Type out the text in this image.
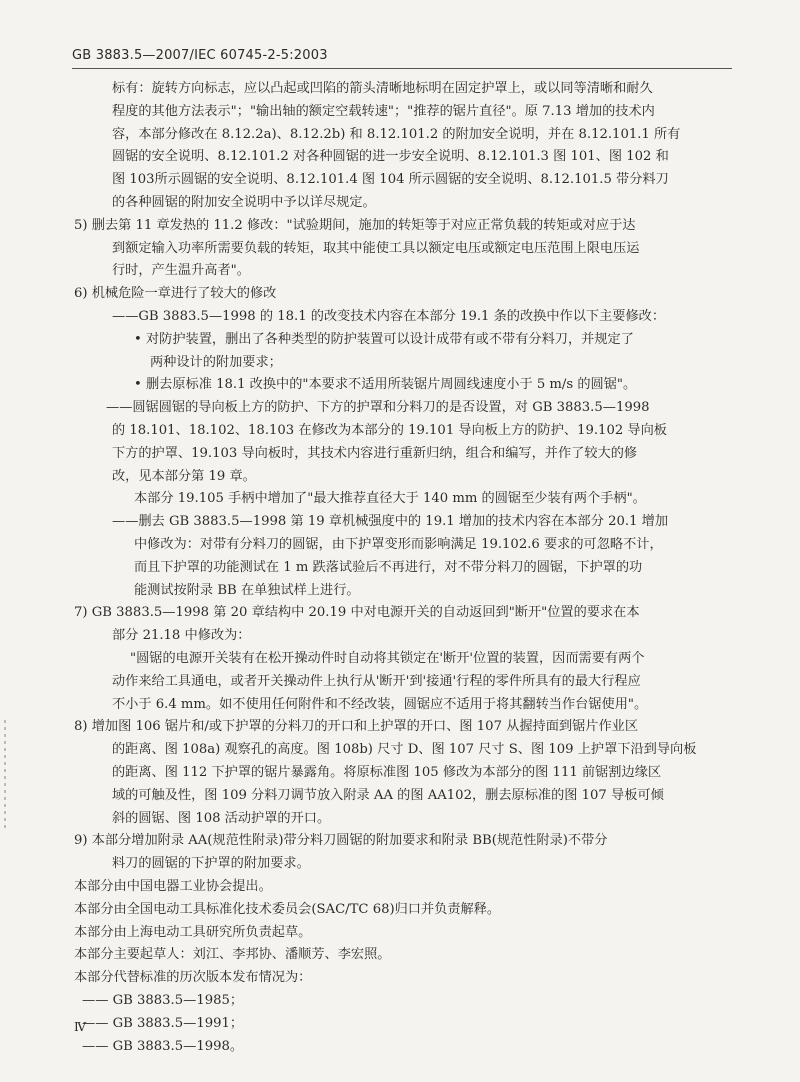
GB 3883.5—2007/IEC 60745-2-5:2003
标有：旋转方向标志，应以凸起或凹陷的箭头清晰地标明在固定护罩上，或以同等清晰和耐久
程度的其他方法表示"；"输出轴的额定空载转速"；"推荐的锯片直径"。原 7.13 增加的技术内
容，本部分修改在 8.12.2a)、8.12.2b) 和 8.12.101.2 的附加安全说明，并在 8.12.101.1 所有
圆锯的安全说明、8.12.101.2 对各种圆锯的进一步安全说明、8.12.101.3 图 101、图 102 和
图 103所示圆锯的安全说明、8.12.101.4 图 104 所示圆锯的安全说明、8.12.101.5 带分料刀
的各种圆锯的附加安全说明中予以详尽规定。
5) 删去第 11 章发热的 11.2 修改："试验期间，施加的转矩等于对应正常负载的转矩或对应于达
到额定输入功率所需要负载的转矩，取其中能使工具以额定电压或额定电压范围上限电压运
行时，产生温升高者"。
6) 机械危险一章进行了较大的修改
——GB 3883.5—1998 的 18.1 的改变技术内容在本部分 19.1 条的改换中作以下主要修改：
• 对防护装置，删出了各种类型的防护装置可以设计成带有或不带有分料刀，并规定了
两种设计的附加要求；
• 删去原标准 18.1 改换中的"本要求不适用所装锯片周圆线速度小于 5 m/s 的圆锯"。
——圆锯圆锯的导向板上方的防护、下方的护罩和分料刀的是否设置，对 GB 3883.5—1998
的 18.101、18.102、18.103 在修改为本部分的 19.101 导向板上方的防护、19.102 导向板
下方的护罩、19.103 导向板时，其技术内容进行重新归纳，组合和编写，并作了较大的修
改，见本部分第 19 章。
本部分 19.105 手柄中增加了"最大推荐直径大于 140 mm 的圆锯至少装有两个手柄"。
——删去 GB 3883.5—1998 第 19 章机械强度中的 19.1 增加的技术内容在本部分 20.1 增加
中修改为：对带有分料刀的圆锯，由下护罩变形而影响满足 19.102.6 要求的可忽略不计，
而且下护罩的功能测试在 1 m 跌落试验后不再进行，对不带分料刀的圆锯，下护罩的功
能测试按附录 BB 在单独试样上进行。
7) GB 3883.5—1998 第 20 章结构中 20.19 中对电源开关的自动返回到"断开"位置的要求在本
部分 21.18 中修改为：
"圆锯的电源开关装有在松开操动件时自动将其锁定在'断开'位置的装置，因而需要有两个
动作来给工具通电，或者开关操动件上执行从'断开'到'接通'行程的零件所具有的最大行程应
不小于 6.4 mm。如不使用任何附件和不经改装，圆锯应不适用于将其翻转当作台锯使用"。
8) 增加图 106 锯片和/或下护罩的分料刀的开口和上护罩的开口、图 107 从握持面到锯片作业区
的距离、图 108a) 观察孔的高度。图 108b) 尺寸 D、图 107 尺寸 S、图 109 上护罩下沿到导向板
的距离、图 112 下护罩的锯片暴露角。将原标准图 105 修改为本部分的图 111 前锯割边缘区
域的可触及性，图 109 分料刀调节放入附录 AA 的图 AA102，删去原标准的图 107 导板可倾
斜的圆锯、图 108 活动护罩的开口。
9) 本部分增加附录 AA(规范性附录)带分料刀圆锯的附加要求和附录 BB(规范性附录)不带分
料刀的圆锯的下护罩的附加要求。
本部分由中国电器工业协会提出。
本部分由全国电动工具标准化技术委员会(SAC/TC 68)归口并负责解释。
本部分由上海电动工具研究所负责起草。
本部分主要起草人：刘江、李邦协、潘顺芳、李宏照。
本部分代替标准的历次版本发布情况为：
—— GB 3883.5—1985；
—— GB 3883.5—1991；
—— GB 3883.5—1998。
Ⅳ
